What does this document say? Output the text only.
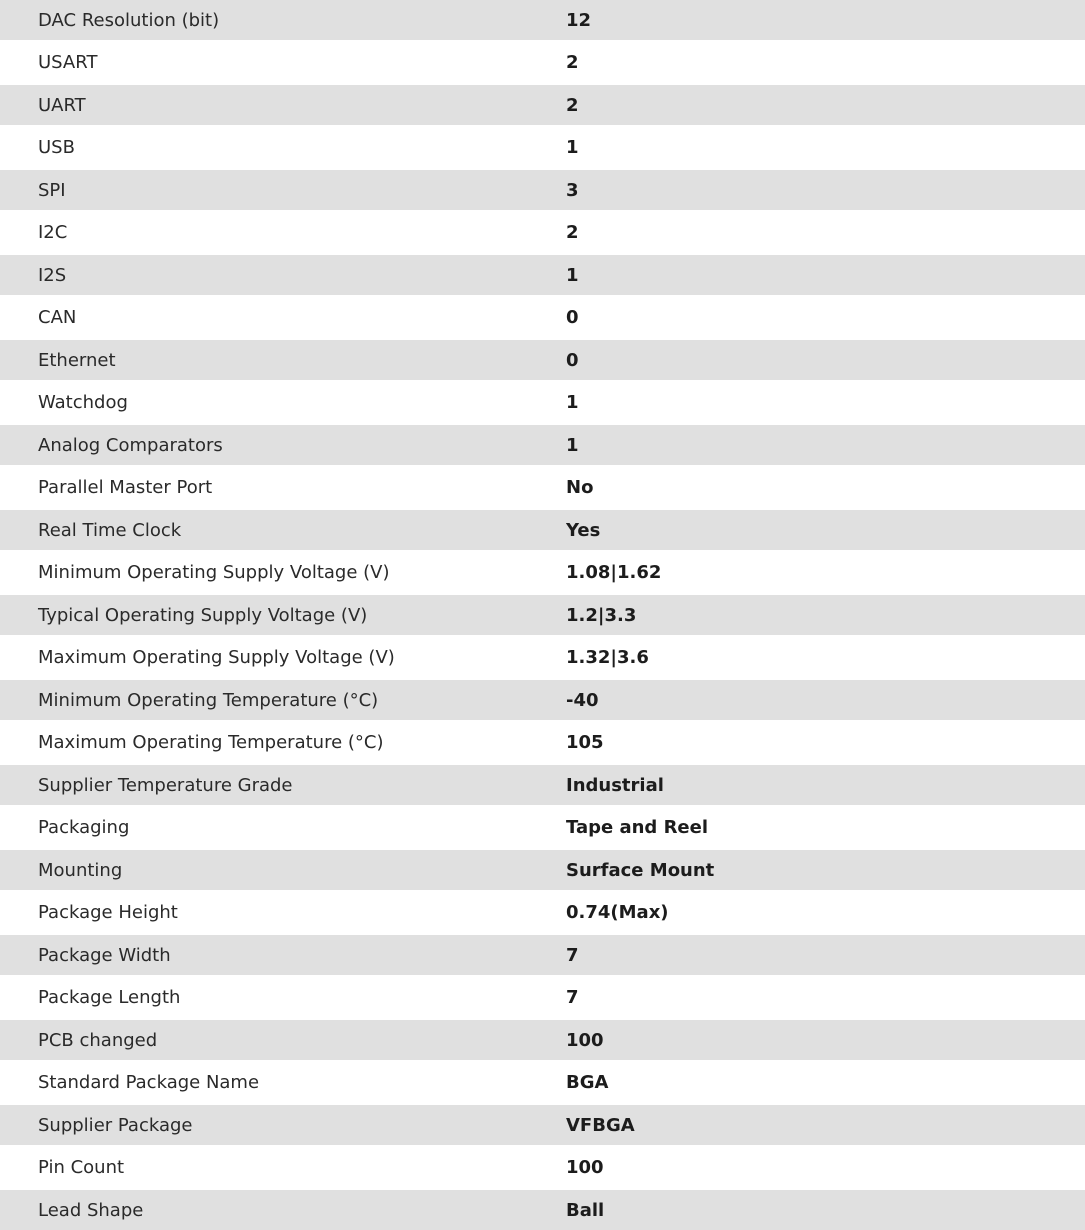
DAC Resolution (bit)	12
USART	2
UART	2
USB	1
SPI	3
I2C	2
I2S	1
CAN	0
Ethernet	0
Watchdog	1
Analog Comparators	1
Parallel Master Port	No
Real Time Clock	Yes
Minimum Operating Supply Voltage (V)	1.08|1.62
Typical Operating Supply Voltage (V)	1.2|3.3
Maximum Operating Supply Voltage (V)	1.32|3.6
Minimum Operating Temperature (°C)	-40
Maximum Operating Temperature (°C)	105
Supplier Temperature Grade	Industrial
Packaging	Tape and Reel
Mounting	Surface Mount
Package Height	0.74(Max)
Package Width	7
Package Length	7
PCB changed	100
Standard Package Name	BGA
Supplier Package	VFBGA
Pin Count	100
Lead Shape	Ball
